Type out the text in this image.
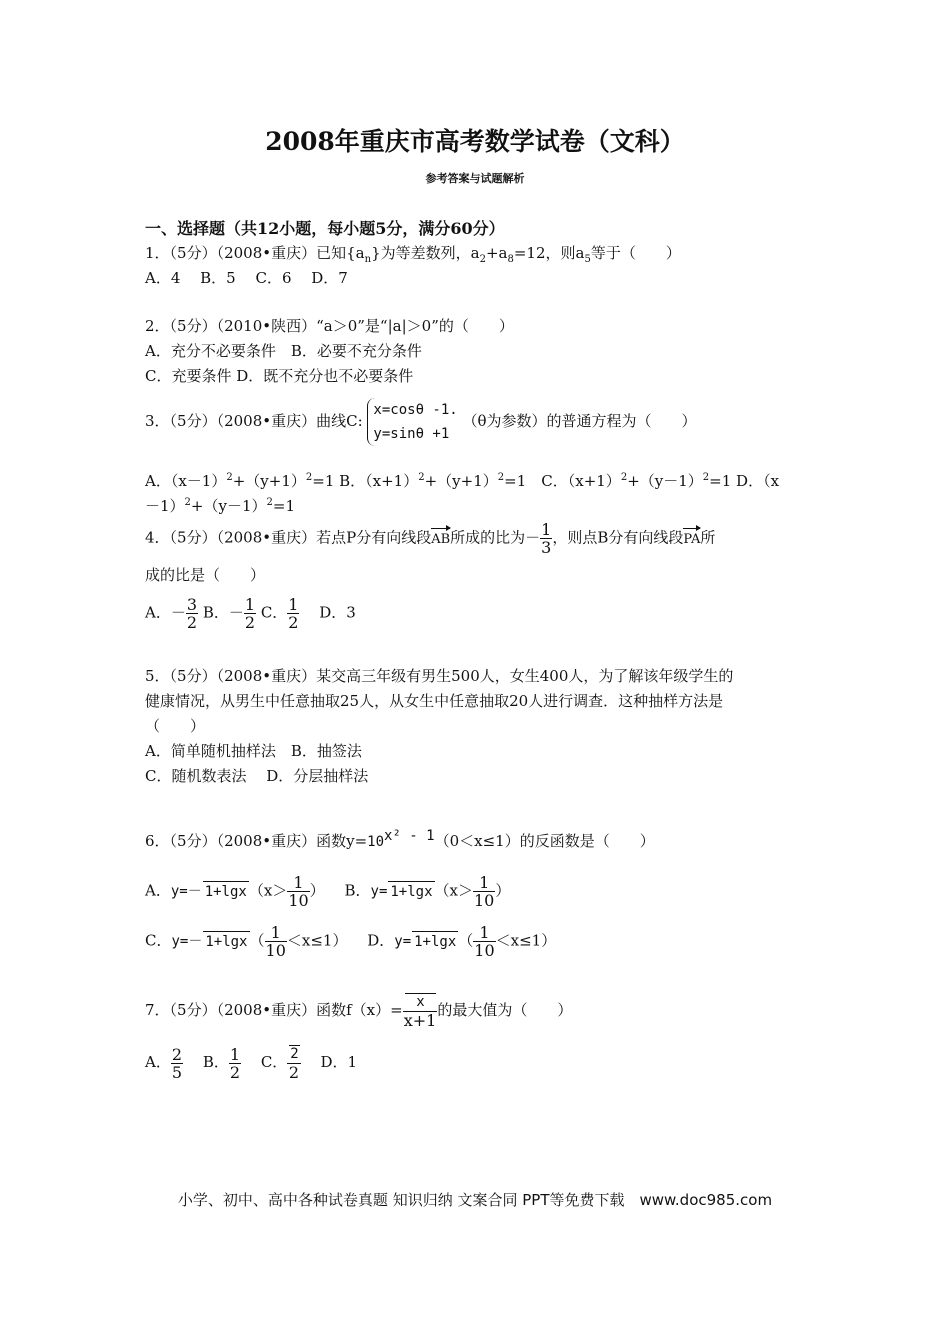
2008年重庆市高考数学试卷（文科）
参考答案与试题解析
一、选择题（共12小题，每小题5分，满分60分）
1．（5分）（2008•重庆）已知$\{a_n\}$为等差数列，$a_2+a_8=12$，则$a_5$等于（　　）
A．4　 B．5　 C．6　 D．7
2．（5分）（2010•陕西）“a＞0”是“|a|＞0”的（　　）
A．充分不必要条件　B．必要不充分条件
C．充要条件 D．既不充分也不必要条件
3．（5分）（2008•重庆）曲线C:
x=cosθ -1.
y=sinθ +1
（θ为参数）的普通方程为（　　）
A．$(x-1)^2+(y+1)^2=1$ B．$(x+1)^2+(y+1)^2=1$　C．$(x+1)^2+(y-1)^2=1$ D．（x
$-1)^2+(y-1)^2=1$
4．（5分）（2008•重庆）若点P分有向线段AB所成的比为－ $\frac{1}{3}$ ，则点B分有向线段PA所
成的比是（　　）
A．－ $\frac{3}{2}$ B．－ $\frac{1}{2}$ C． $\frac{1}{2}$
　 D．3
5．（5分）（2008•重庆）某交高三年级有男生500人，女生400人，为了解该年级学生的
健康情况，从男生中任意抽取25人，从女生中任意抽取20人进行调查．这种抽样方法是
（　　）
A．简单随机抽样法　B．抽签法
C．随机数表法　 D．分层抽样法
6．（5分）（2008•重庆）函数$y=10^{x^2 - 1}(0<x\le 1)$的反函数是（　　）
A．y=－ 1+lgx （$x> \frac{1}{10}$ ） 　 B．y= 1+lgx （$x> \frac{1}{10}$ ）
C．y=－ 1+lgx （ $\frac{1}{10} <x\le 1$） 　 D．y= 1+lgx （ $\frac{1}{10} <x\le 1$）
7．（5分）（2008•重庆）函数$f(x)= \frac{x}{x+1}$ 的最大值为（　　）
A． $\frac{2}{5}$
　 B． $\frac{1}{2}$
　 C． $\frac{2}{2}$
　 D．1
小学、初中、高中各种试卷真题 知识归纳 文案合同 PPT等免费下载　www.doc985.com
